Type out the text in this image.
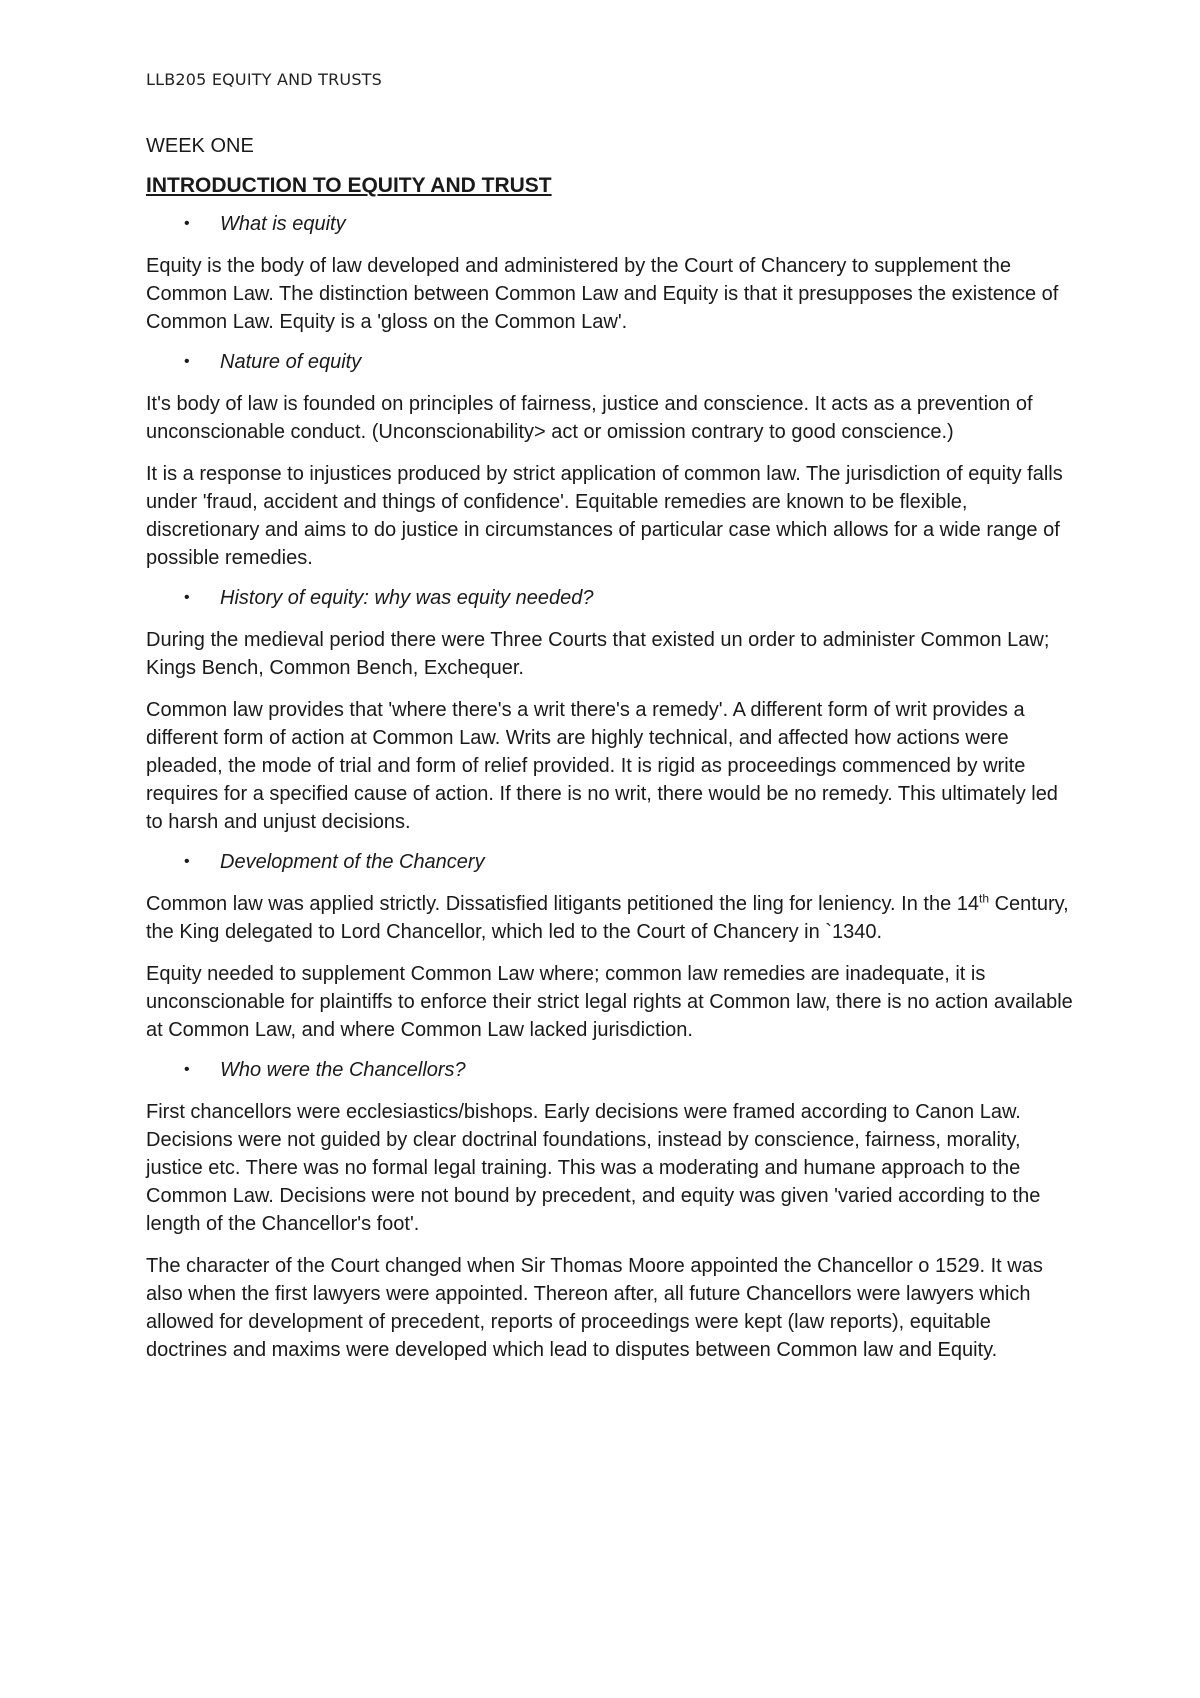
LLB205 EQUITY AND TRUSTS
WEEK ONE
INTRODUCTION TO EQUITY AND TRUST
• What is equity

Equity is the body of law developed and administered by the Court of Chancery to supplement the Common Law. The distinction between Common Law and Equity is that it presupposes the existence of Common Law. Equity is a 'gloss on the Common Law'.

• Nature of equity

It's body of law is founded on principles of fairness, justice and conscience. It acts as a prevention of unconscionable conduct. (Unconscionability> act or omission contrary to good conscience.)

It is a response to injustices produced by strict application of common law. The jurisdiction of equity falls under 'fraud, accident and things of confidence'. Equitable remedies are known to be flexible, discretionary and aims to do justice in circumstances of particular case which allows for a wide range of possible remedies.

• History of equity: why was equity needed?

During the medieval period there were Three Courts that existed un order to administer Common Law; Kings Bench, Common Bench, Exchequer.

Common law provides that 'where there's a writ there's a remedy'. A different form of writ provides a different form of action at Common Law. Writs are highly technical, and affected how actions were pleaded, the mode of trial and form of relief provided. It is rigid as proceedings commenced by write requires for a specified cause of action. If there is no writ, there would be no remedy. This ultimately led to harsh and unjust decisions.

• Development of the Chancery

Common law was applied strictly. Dissatisfied litigants petitioned the ling for leniency. In the 14th Century, the King delegated to Lord Chancellor, which led to the Court of Chancery in `1340.

Equity needed to supplement Common Law where; common law remedies are inadequate, it is unconscionable for plaintiffs to enforce their strict legal rights at Common law, there is no action available at Common Law, and where Common Law lacked jurisdiction.

• Who were the Chancellors?

First chancellors were ecclesiastics/bishops. Early decisions were framed according to Canon Law. Decisions were not guided by clear doctrinal foundations, instead by conscience, fairness, morality, justice etc. There was no formal legal training. This was a moderating and humane approach to the Common Law. Decisions were not bound by precedent, and equity was given 'varied according to the length of the Chancellor's foot'.

The character of the Court changed when Sir Thomas Moore appointed the Chancellor o 1529. It was also when the first lawyers were appointed. Thereon after, all future Chancellors were lawyers which allowed for development of precedent, reports of proceedings were kept (law reports), equitable doctrines and maxims were developed which lead to disputes between Common law and Equity.
